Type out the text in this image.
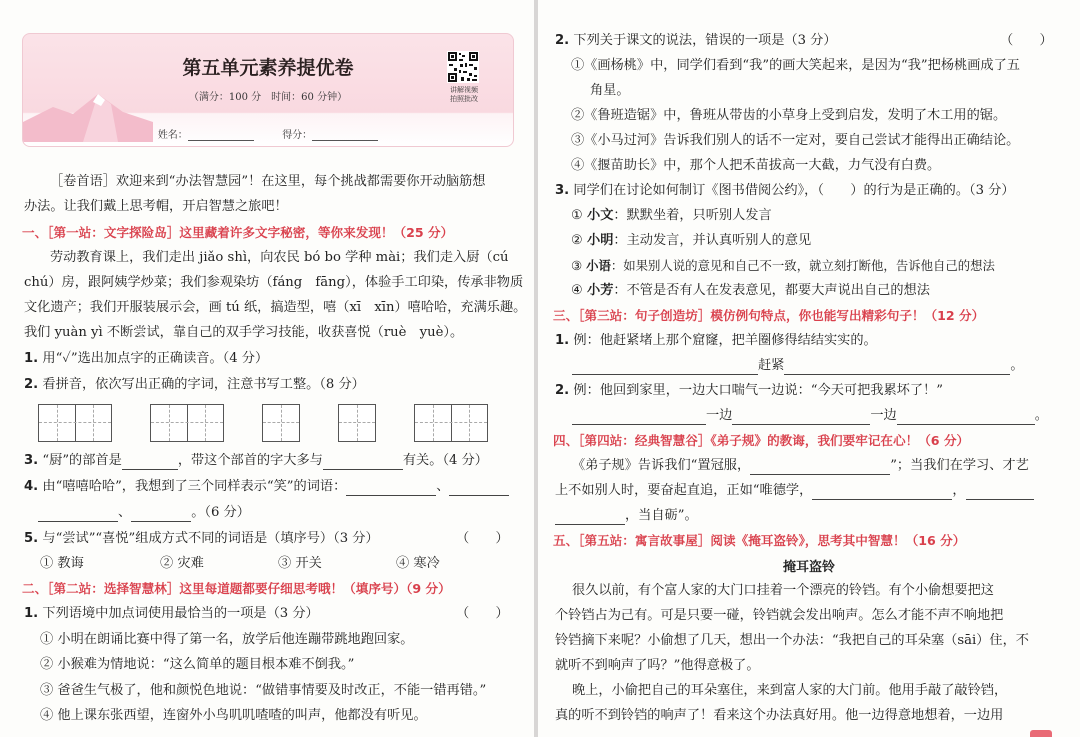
第五单元素养提优卷
（满分：100 分　时间：60 分钟）
讲解视频
拍照批改
姓名：	得分：
［卷首语］欢迎来到“办法智慧园”！在这里，每个挑战都需要你开动脑筋想
办法。让我们戴上思考帽，开启智慧之旅吧！
一、［第一站：文字探险岛］这里藏着许多文字秘密，等你来发现！（25 分）
劳动教育课上，我们走出 jiǎo shì，向农民 bó bo 学种 mài；我们走入厨（cú
chú）房，跟阿姨学炒菜；我们参观染坊（fáng　fāng），体验手工印染，传承非物质
文化遗产；我们开服装展示会，画 tú 纸，搞造型，嘻（xī　xīn）嘻哈哈，充满乐趣。
我们 yuàn yì 不断尝试，靠自己的双手学习技能，收获喜悦（ruè　yuè）。
1. 用“✓”选出加点字的正确读音。（4 分）
2. 看拼音，依次写出正确的字词，注意书写工整。（8 分）
3. “厨”的部首是	，带这个部首的字大多与	有关。（4 分）
4. 由“嘻嘻哈哈”，我想到了三个同样表示“笑”的词语：	、
、	。（6 分）
5. 与“尝试”“喜悦”组成方式不同的词语是（填序号）（3 分）	（　　）
① 教诲	② 灾难	③ 开关	④ 寒冷
二、［第二站：选择智慧林］这里每道题都要仔细思考哦！（填序号）（9 分）
1. 下列语境中加点词使用最恰当的一项是（3 分）	（　　）
① 小明在朗诵比赛中得了第一名，放学后他连蹦带跳地跑回家。
② 小猴难为情地说：“这么简单的题目根本难不倒我。”
③ 爸爸生气极了，他和颜悦色地说：“做错事情要及时改正，不能一错再错。”
④ 他上课东张西望，连窗外小鸟叽叽喳喳的叫声，他都没有听见。
2. 下列关于课文的说法，错误的一项是（3 分）	（　　）
①《画杨桃》中，同学们看到“我”的画大笑起来，是因为“我”把杨桃画成了五
角星。
②《鲁班造锯》中，鲁班从带齿的小草身上受到启发，发明了木工用的锯。
③《小马过河》告诉我们别人的话不一定对，要自己尝试才能得出正确结论。
④《揠苗助长》中，那个人把禾苗拔高一大截，力气没有白费。
3. 同学们在讨论如何制订《图书借阅公约》，（　　）的行为是正确的。（3 分）
① 小文：默默坐着，只听别人发言
② 小明：主动发言，并认真听别人的意见
③ 小语：如果别人说的意见和自己不一致，就立刻打断他，告诉他自己的想法
④ 小芳：不管是否有人在发表意见，都要大声说出自己的想法
三、［第三站：句子创造坊］模仿例句特点，你也能写出精彩句子！（12 分）
1. 例：他赶紧堵上那个窟窿，把羊圈修得结结实实的。
赶紧	。
2. 例：他回到家里，一边大口喘气一边说：“今天可把我累坏了！”
一边	一边	。
四、［第四站：经典智慧谷］《弟子规》的教诲，我们要牢记在心！（6 分）
《弟子规》告诉我们“置冠服，	”；当我们在学习、才艺
上不如别人时，要奋起直追，正如“唯德学，	，
，当自砺”。
五、［第五站：寓言故事屋］阅读《掩耳盗铃》，思考其中智慧！（16 分）
掩耳盗铃
很久以前，有个富人家的大门口挂着一个漂亮的铃铛。有个小偷想要把这
个铃铛占为己有。可是只要一碰，铃铛就会发出响声。怎么才能不声不响地把
铃铛摘下来呢？小偷想了几天，想出一个办法：“我把自己的耳朵塞（sāi）住，不
就听不到响声了吗？”他得意极了。
晚上，小偷把自己的耳朵塞住，来到富人家的大门前。他用手敲了敲铃铛，
真的听不到铃铛的响声了！看来这个办法真好用。他一边得意地想着，一边用
